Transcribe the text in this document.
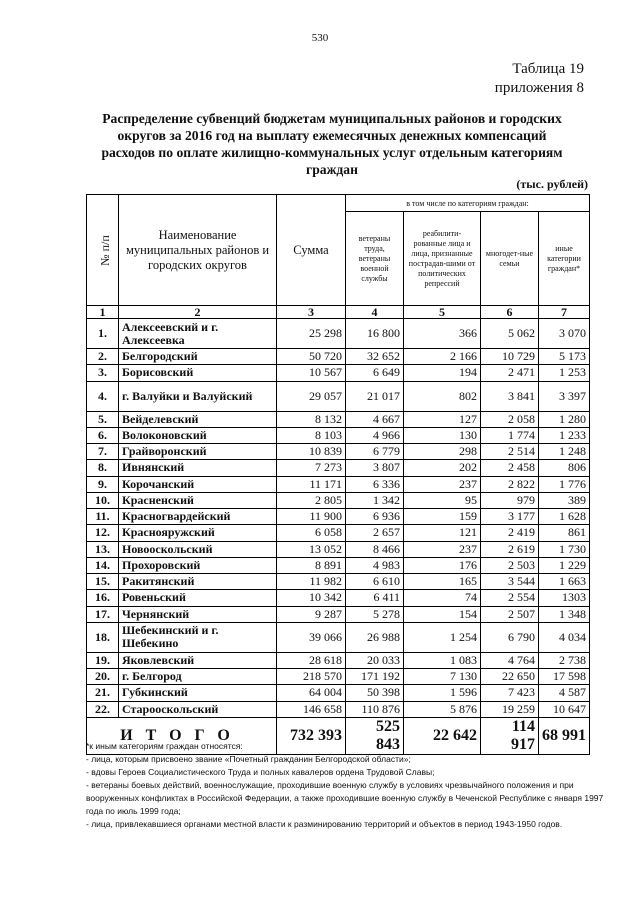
530
Таблица 19
приложения 8
Распределение субвенций бюджетам муниципальных районов и городских округов за 2016 год на выплату ежемесячных денежных компенсаций расходов по оплате жилищно-коммунальных услуг отдельным категориям граждан
(тыс. рублей)
№ п/п	Наименование муниципальных районов и городских округов	Сумма	в том числе по категориям граждан:			
			ветераны труда, ветераны военной службы	реабилити-рованные лица и лица, признанные пострадав-шими от политических репрессий	многодет-ные семьи	иные категории граждан*
1	2	3	4	5	6	7
1.	Алексеевский и г. Алексеевка	25 298	16 800	366	5 062	3 070
2.	Белгородский	50 720	32 652	2 166	10 729	5 173
3.	Борисовский	10 567	6 649	194	2 471	1 253
4.	г. Валуйки и Валуйский	29 057	21 017	802	3 841	3 397
5.	Вейделевский	8 132	4 667	127	2 058	1 280
6.	Волоконовский	8 103	4 966	130	1 774	1 233
7.	Грайворонский	10 839	6 779	298	2 514	1 248
8.	Ивнянский	7 273	3 807	202	2 458	806
9.	Корочанский	11 171	6 336	237	2 822	1 776
10.	Красненский	2 805	1 342	95	979	389
11.	Красногвардейский	11 900	6 936	159	3 177	1 628
12.	Краснояружский	6 058	2 657	121	2 419	861
13.	Новооскольский	13 052	8 466	237	2 619	1 730
14.	Прохоровский	8 891	4 983	176	2 503	1 229
15.	Ракитянский	11 982	6 610	165	3 544	1 663
16.	Ровеньский	10 342	6 411	74	2 554	1303
17.	Чернянский	9 287	5 278	154	2 507	1 348
18.	Шебекинский и г. Шебекино	39 066	26 988	1 254	6 790	4 034
19.	Яковлевский	28 618	20 033	1 083	4 764	2 738
20.	г. Белгород	218 570	171 192	7 130	22 650	17 598
21.	Губкинский	64 004	50 398	1 596	7 423	4 587
22.	Старооскольский	146 658	110 876	5 876	19 259	10 647
ИТОГО		732 393	525 843	22 642	114 917	68 991
*к иным категориям граждан относятся:
- лица, которым присвоено звание «Почетный гражданин Белгородской области»;
- вдовы Героев Социалистического Труда и полных кавалеров ордена Трудовой Славы;
- ветераны боевых действий, военнослужащие, проходившие военную службу в условиях чрезвычайного положения и при вооруженных конфликтах в Российской Федерации, а также проходившие военную службу в Чеченской Республике с января 1997 года по июль 1999 года;
- лица, привлекавшиеся органами местной власти к разминированию территорий и объектов в период 1943-1950 годов.
